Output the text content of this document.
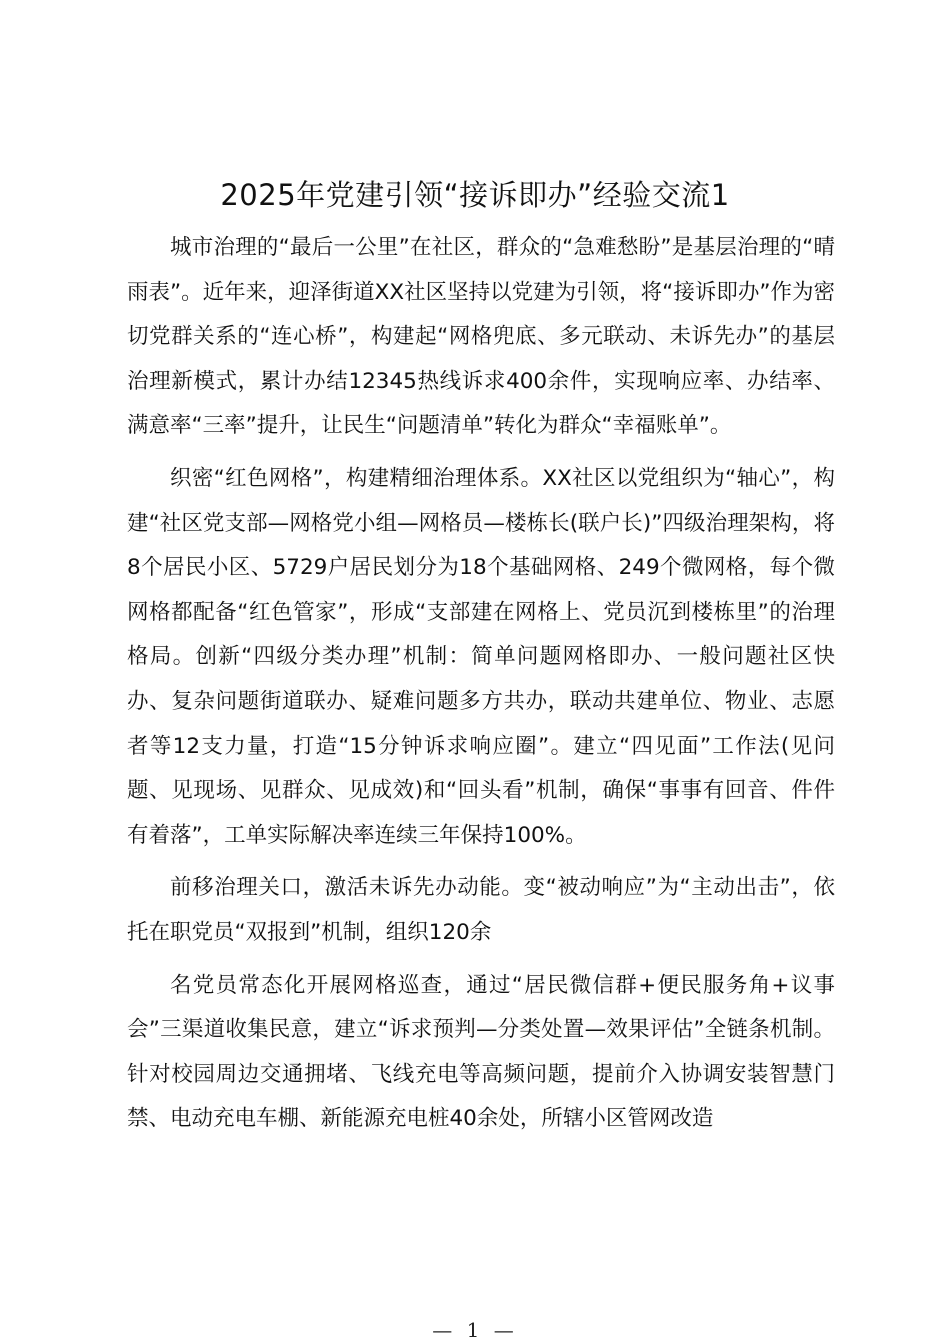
2025年党建引领“接诉即办”经验交流1

城市治理的“最后一公里”在社区，群众的“急难愁盼”是基层治理的“晴雨表”。近年来，迎泽街道XX社区坚持以党建为引领，将“接诉即办”作为密切党群关系的“连心桥”，构建起“网格兜底、多元联动、未诉先办”的基层治理新模式，累计办结12345热线诉求400余件，实现响应率、办结率、满意率“三率”提升，让民生“问题清单”转化为群众“幸福账单”。

织密“红色网格”，构建精细治理体系。XX社区以党组织为“轴心”，构建“社区党支部—网格党小组—网格员—楼栋长(联户长)”四级治理架构，将8个居民小区、5729户居民划分为18个基础网格、249个微网格，每个微网格都配备“红色管家”，形成“支部建在网格上、党员沉到楼栋里”的治理格局。创新“四级分类办理”机制：简单问题网格即办、一般问题社区快办、复杂问题街道联办、疑难问题多方共办，联动共建单位、物业、志愿者等12支力量，打造“15分钟诉求响应圈”。建立“四见面”工作法(见问题、见现场、见群众、见成效)和“回头看”机制，确保“事事有回音、件件有着落”，工单实际解决率连续三年保持100%。

前移治理关口，激活未诉先办动能。变“被动响应”为“主动出击”，依托在职党员“双报到”机制，组织120余

名党员常态化开展网格巡查，通过“居民微信群+便民服务角+议事会”三渠道收集民意，建立“诉求预判—分类处置—效果评估”全链条机制。针对校园周边交通拥堵、飞线充电等高频问题，提前介入协调安装智慧门禁、电动充电车棚、新能源充电桩40余处，所辖小区管网改造

— 1 —
